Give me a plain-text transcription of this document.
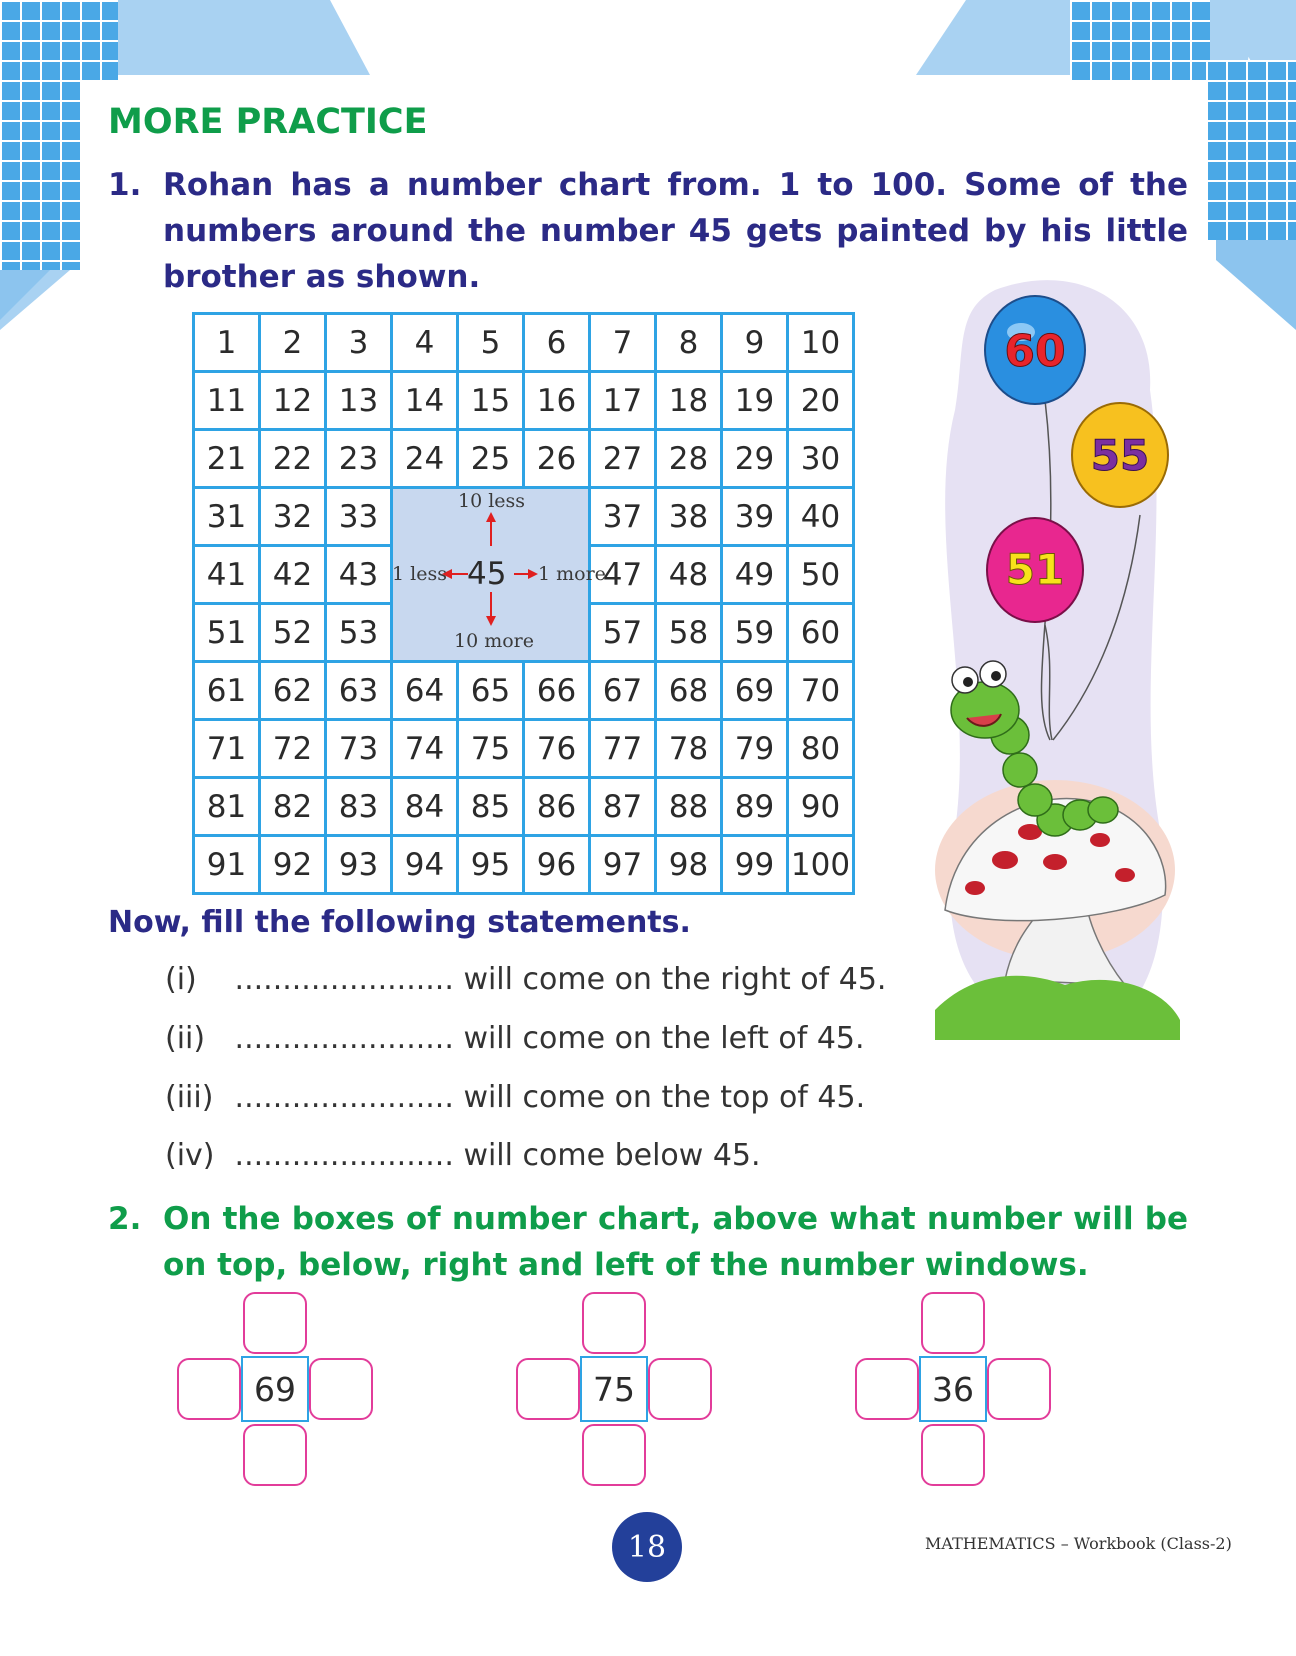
MORE PRACTICE
1. Rohan has a number chart from. 1 to 100. Some of the numbers around the number 45 gets painted by his little brother as shown.
1	2	3	4	5	6	7	8	9	10
11	12	13	14	15	16	17	18	19	20
21	22	23	24	25	26	27	28	29	30
31	32	33				37	38	39	40
41	42	43				47	48	49	50
51	52	53				57	58	59	60
61	62	63	64	65	66	67	68	69	70
71	72	73	74	75	76	77	78	79	80
81	82	83	84	85	86	87	88	89	90
91	92	93	94	95	96	97	98	99	100
10 less
10 more
1 less	1 more
45
60
55
51
Now, fill the following statements.
(i) ....................... will come on the right of 45.
(ii) ....................... will come on the left of 45.
(iii) ....................... will come on the top of 45.
(iv) ....................... will come below 45.
2. On the boxes of number chart, above what number will be on top, below, right and left of the number windows.
69	75	36
18	MATHEMATICS – Workbook (Class-2)
